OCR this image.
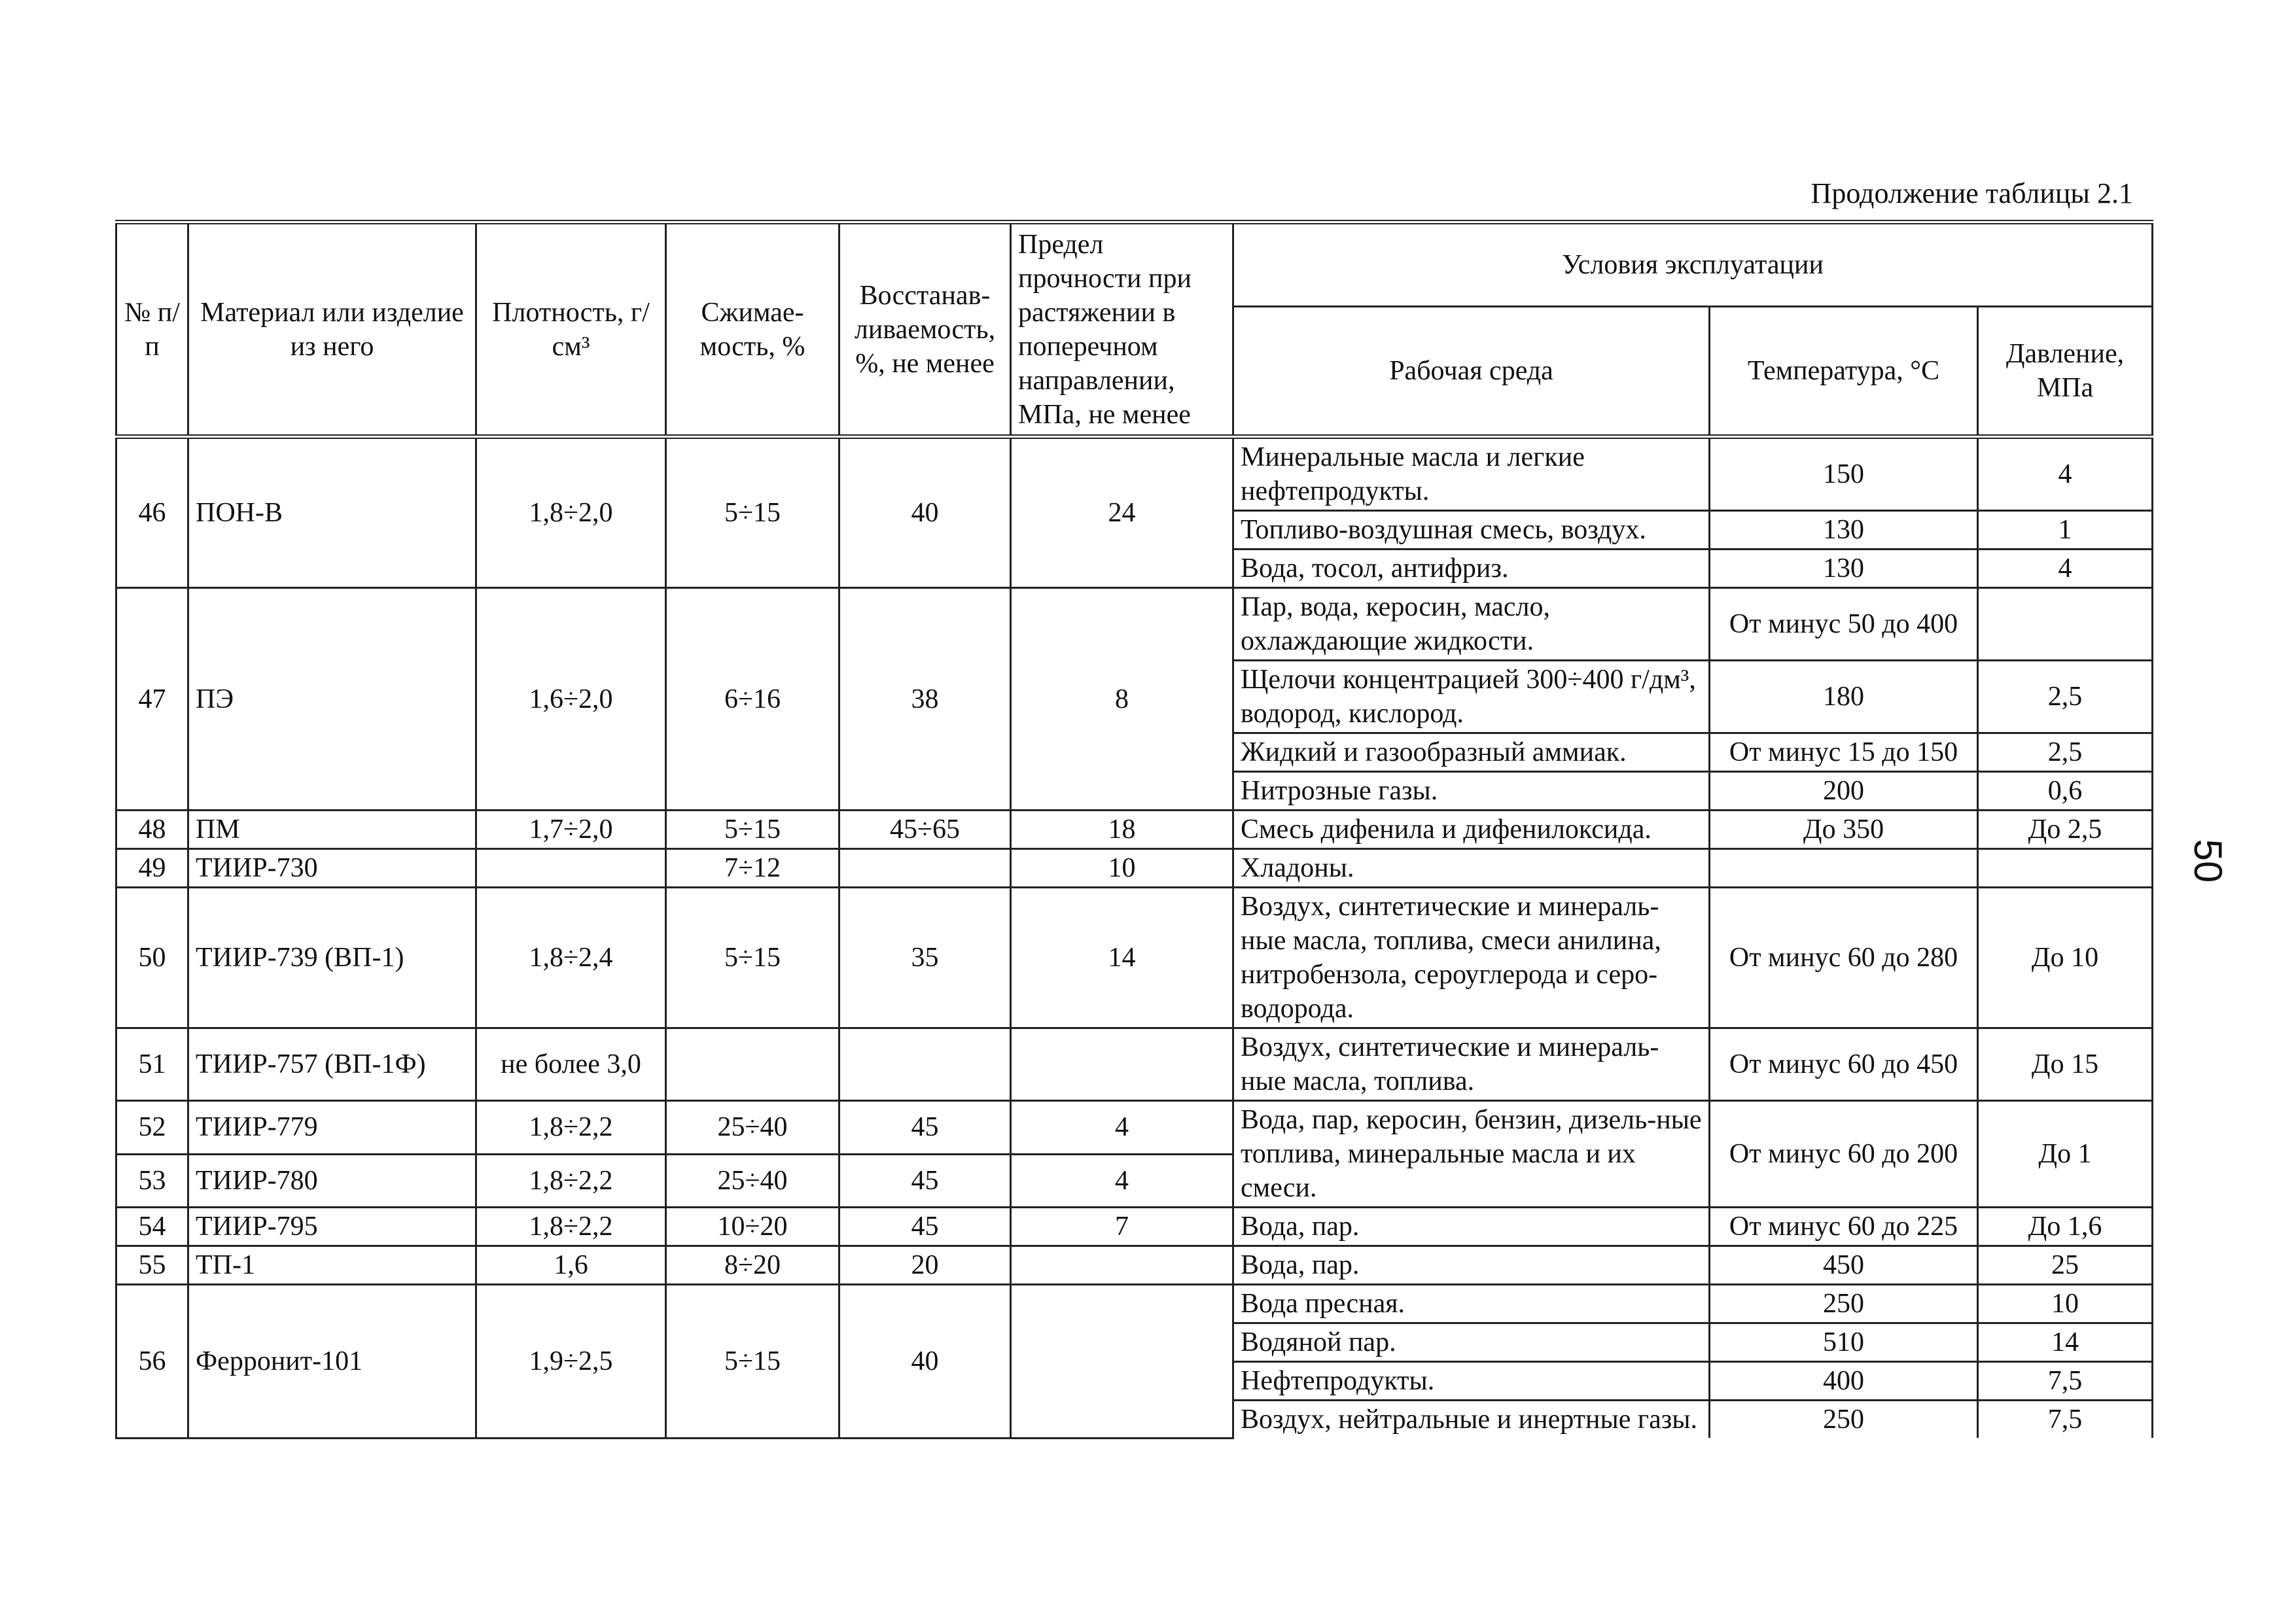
Продолжение таблицы 2.1
50
№ п/п	Материал или изделие из него	Плотность, г/см³	Сжимае-мость, %	Восстанав-ливаемость, %, не менее	Предел прочности при растяжении в поперечном направлении, МПа, не менее	Условия эксплуатации		
						Рабочая среда	Температура, °С	Давление, МПа
46	ПОН-В	1,8÷2,0	5÷15	40	24	Минеральные масла и легкие нефтепродукты.	150	4
						Топливо-воздушная смесь, воздух.	130	1
						Вода, тосол, антифриз.	130	4
47	ПЭ	1,6÷2,0	6÷16	38	8	Пар, вода, керосин, масло, охлаждающие жидкости.	От минус 50 до 400	
						Щелочи концентрацией 300÷400 г/дм³, водород, кислород.	180	2,5
						Жидкий и газообразный аммиак.	От минус 15 до 150	2,5
						Нитрозные газы.	200	0,6
48	ПМ	1,7÷2,0	5÷15	45÷65	18	Смесь дифенила и дифенилоксида.	До 350	До 2,5
49	ТИИР-730		7÷12		10	Хладоны.		
50	ТИИР-739 (ВП-1)	1,8÷2,4	5÷15	35	14	Воздух, синтетические и минераль-ные масла, топлива, смеси анилина, нитробензола, сероуглерода и серо-водорода.	От минус 60 до 280	До 10
51	ТИИР-757 (ВП-1Ф)	не более 3,0				Воздух, синтетические и минераль-ные масла, топлива.	От минус 60 до 450	До 15
52	ТИИР-779	1,8÷2,2	25÷40	45	4	Вода, пар, керосин, бензин, дизель-ные топлива, минеральные масла и их смеси.	От минус 60 до 200	До 1
53	ТИИР-780	1,8÷2,2	25÷40	45	4			
54	ТИИР-795	1,8÷2,2	10÷20	45	7	Вода, пар.	От минус 60 до 225	До 1,6
55	ТП-1	1,6	8÷20	20		Вода, пар.	450	25
56	Ферронит-101	1,9÷2,5	5÷15	40		Вода пресная.	250	10
						Водяной пар.	510	14
						Нефтепродукты.	400	7,5
						Воздух, нейтральные и инертные газы.	250	7,5
